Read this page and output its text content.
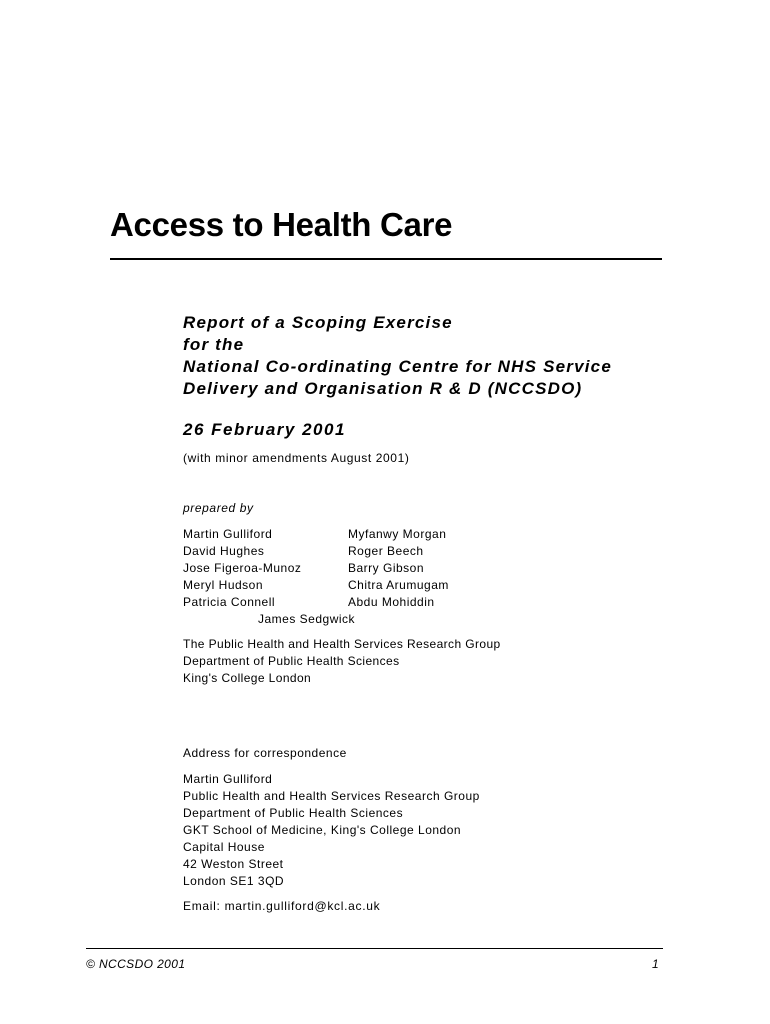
Access to Health Care
Report of a Scoping Exercise
for the
National Co-ordinating Centre for NHS Service
Delivery and Organisation R & D (NCCSDO)
26 February 2001
(with minor amendments August 2001)
prepared by
Martin Gulliford
David Hughes
Jose Figeroa-Munoz
Meryl Hudson
Patricia Connell
Myfanwy Morgan
Roger Beech
Barry Gibson
Chitra Arumugam
Abdu Mohiddin
James Sedgwick
The Public Health and Health Services Research Group
Department of Public Health Sciences
King's College London
Address for correspondence
Martin Gulliford
Public Health and Health Services Research Group
Department of Public Health Sciences
GKT School of Medicine, King's College London
Capital House
42 Weston Street
London SE1 3QD
Email: martin.gulliford@kcl.ac.uk
© NCCSDO 2001	1
